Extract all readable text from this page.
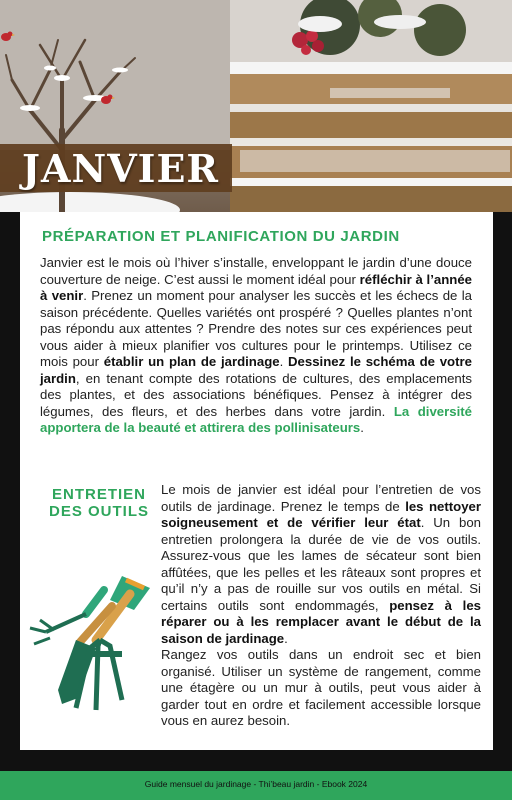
JANVIER
PRÉPARATION ET PLANIFICATION DU JARDIN

Janvier est le mois où l’hiver s’installe, enveloppant le jardin d’une douce couverture de neige. C’est aussi le moment idéal pour réfléchir à l’année à venir. Prenez un moment pour analyser les succès et les échecs de la saison précédente. Quelles variétés ont prospéré ? Quelles plantes n’ont pas répondu aux attentes ? Prendre des notes sur ces expériences peut vous aider à mieux planifier vos cultures pour le printemps. Utilisez ce mois pour établir un plan de jardinage. Dessinez le schéma de votre jardin, en tenant compte des rotations de cultures, des emplacements des plantes, et des associations bénéfiques. Pensez à intégrer des légumes, des fleurs, et des herbes dans votre jardin. La diversité apportera de la beauté et attirera des pollinisateurs.

ENTRETIEN
DES OUTILS

Le mois de janvier est idéal pour l’entretien de vos outils de jardinage. Prenez le temps de les nettoyer soigneusement et de vérifier leur état. Un bon entretien prolongera la durée de vie de vos outils. Assurez-vous que les lames de sécateur sont bien affûtées, que les pelles et les râteaux sont propres et qu’il n’y a pas de rouille sur vos outils en métal. Si certains outils sont endommagés, pensez à les réparer ou à les remplacer avant le début de la saison de jardinage.
Rangez vos outils dans un endroit sec et bien organisé. Utiliser un système de rangement, comme une étagère ou un mur à outils, peut vous aider à garder tout en ordre et facilement accessible lorsque vous en aurez besoin.

Guide mensuel du jardinage - Thi’beau jardin - Ebook 2024
